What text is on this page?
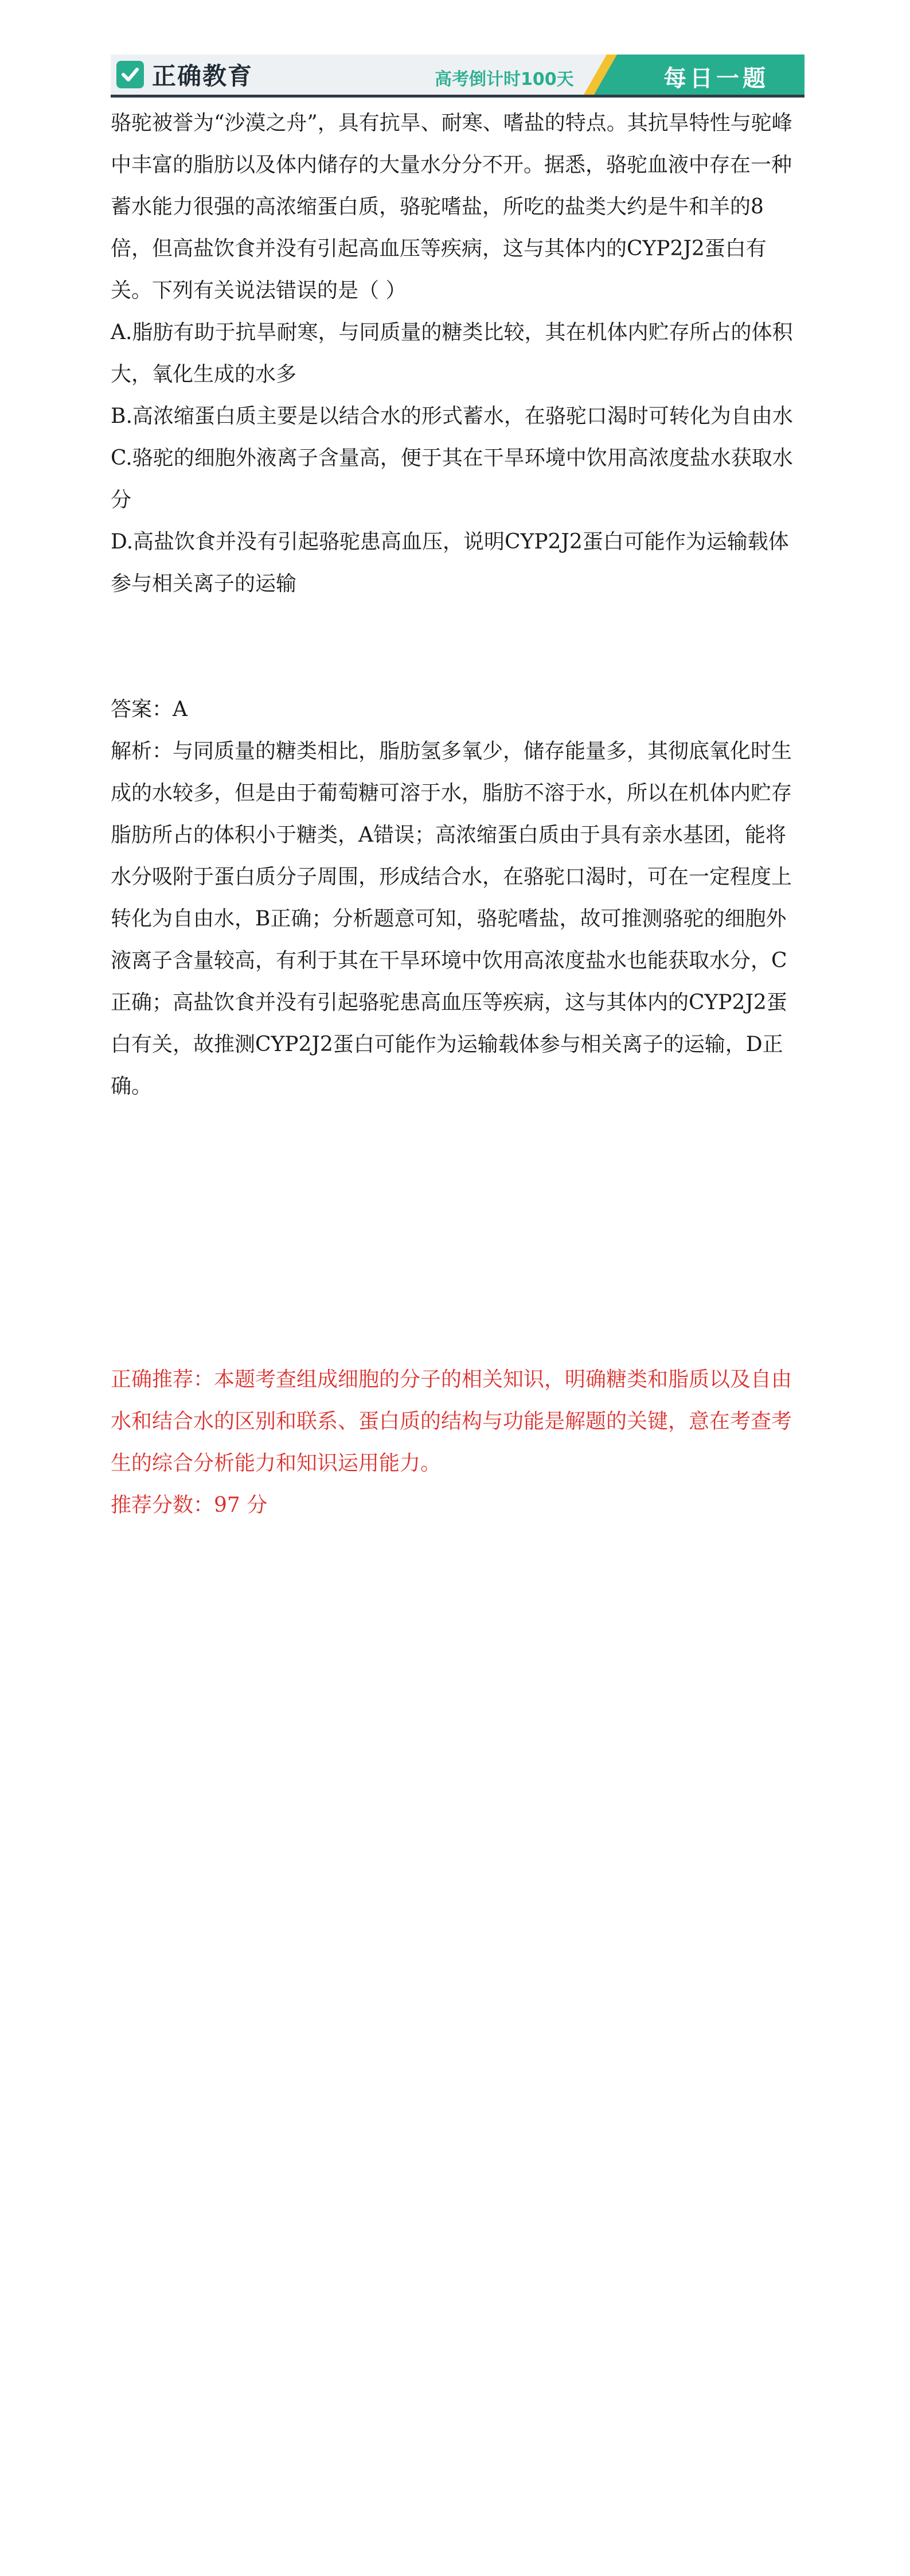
正确教育	高考倒计时100天	每日一题

骆驼被誉为“沙漠之舟”，具有抗旱、耐寒、嗜盐的特点。其抗旱特性与驼峰中丰富的脂肪以及体内储存的大量水分分不开。据悉，骆驼血液中存在一种蓄水能力很强的高浓缩蛋白质，骆驼嗜盐，所吃的盐类大约是牛和羊的8倍，但高盐饮食并没有引起高血压等疾病，这与其体内的CYP2J2蛋白有关。下列有关说法错误的是（ ）

A.脂肪有助于抗旱耐寒，与同质量的糖类比较，其在机体内贮存所占的体积大，氧化生成的水多

B.高浓缩蛋白质主要是以结合水的形式蓄水，在骆驼口渴时可转化为自由水

C.骆驼的细胞外液离子含量高，便于其在干旱环境中饮用高浓度盐水获取水分

D.高盐饮食并没有引起骆驼患高血压，说明CYP2J2蛋白可能作为运输载体参与相关离子的运输

答案：A

解析：与同质量的糖类相比，脂肪氢多氧少，储存能量多，其彻底氧化时生成的水较多，但是由于葡萄糖可溶于水，脂肪不溶于水，所以在机体内贮存脂肪所占的体积小于糖类，A错误；高浓缩蛋白质由于具有亲水基团，能将水分吸附于蛋白质分子周围，形成结合水，在骆驼口渴时，可在一定程度上转化为自由水，B正确；分析题意可知，骆驼嗜盐，故可推测骆驼的细胞外液离子含量较高，有利于其在干旱环境中饮用高浓度盐水也能获取水分，C正确；高盐饮食并没有引起骆驼患高血压等疾病，这与其体内的CYP2J2蛋白有关，故推测CYP2J2蛋白可能作为运输载体参与相关离子的运输，D正确。

正确推荐：本题考查组成细胞的分子的相关知识，明确糖类和脂质以及自由水和结合水的区别和联系、蛋白质的结构与功能是解题的关键，意在考查考生的综合分析能力和知识运用能力。

推荐分数：97 分
